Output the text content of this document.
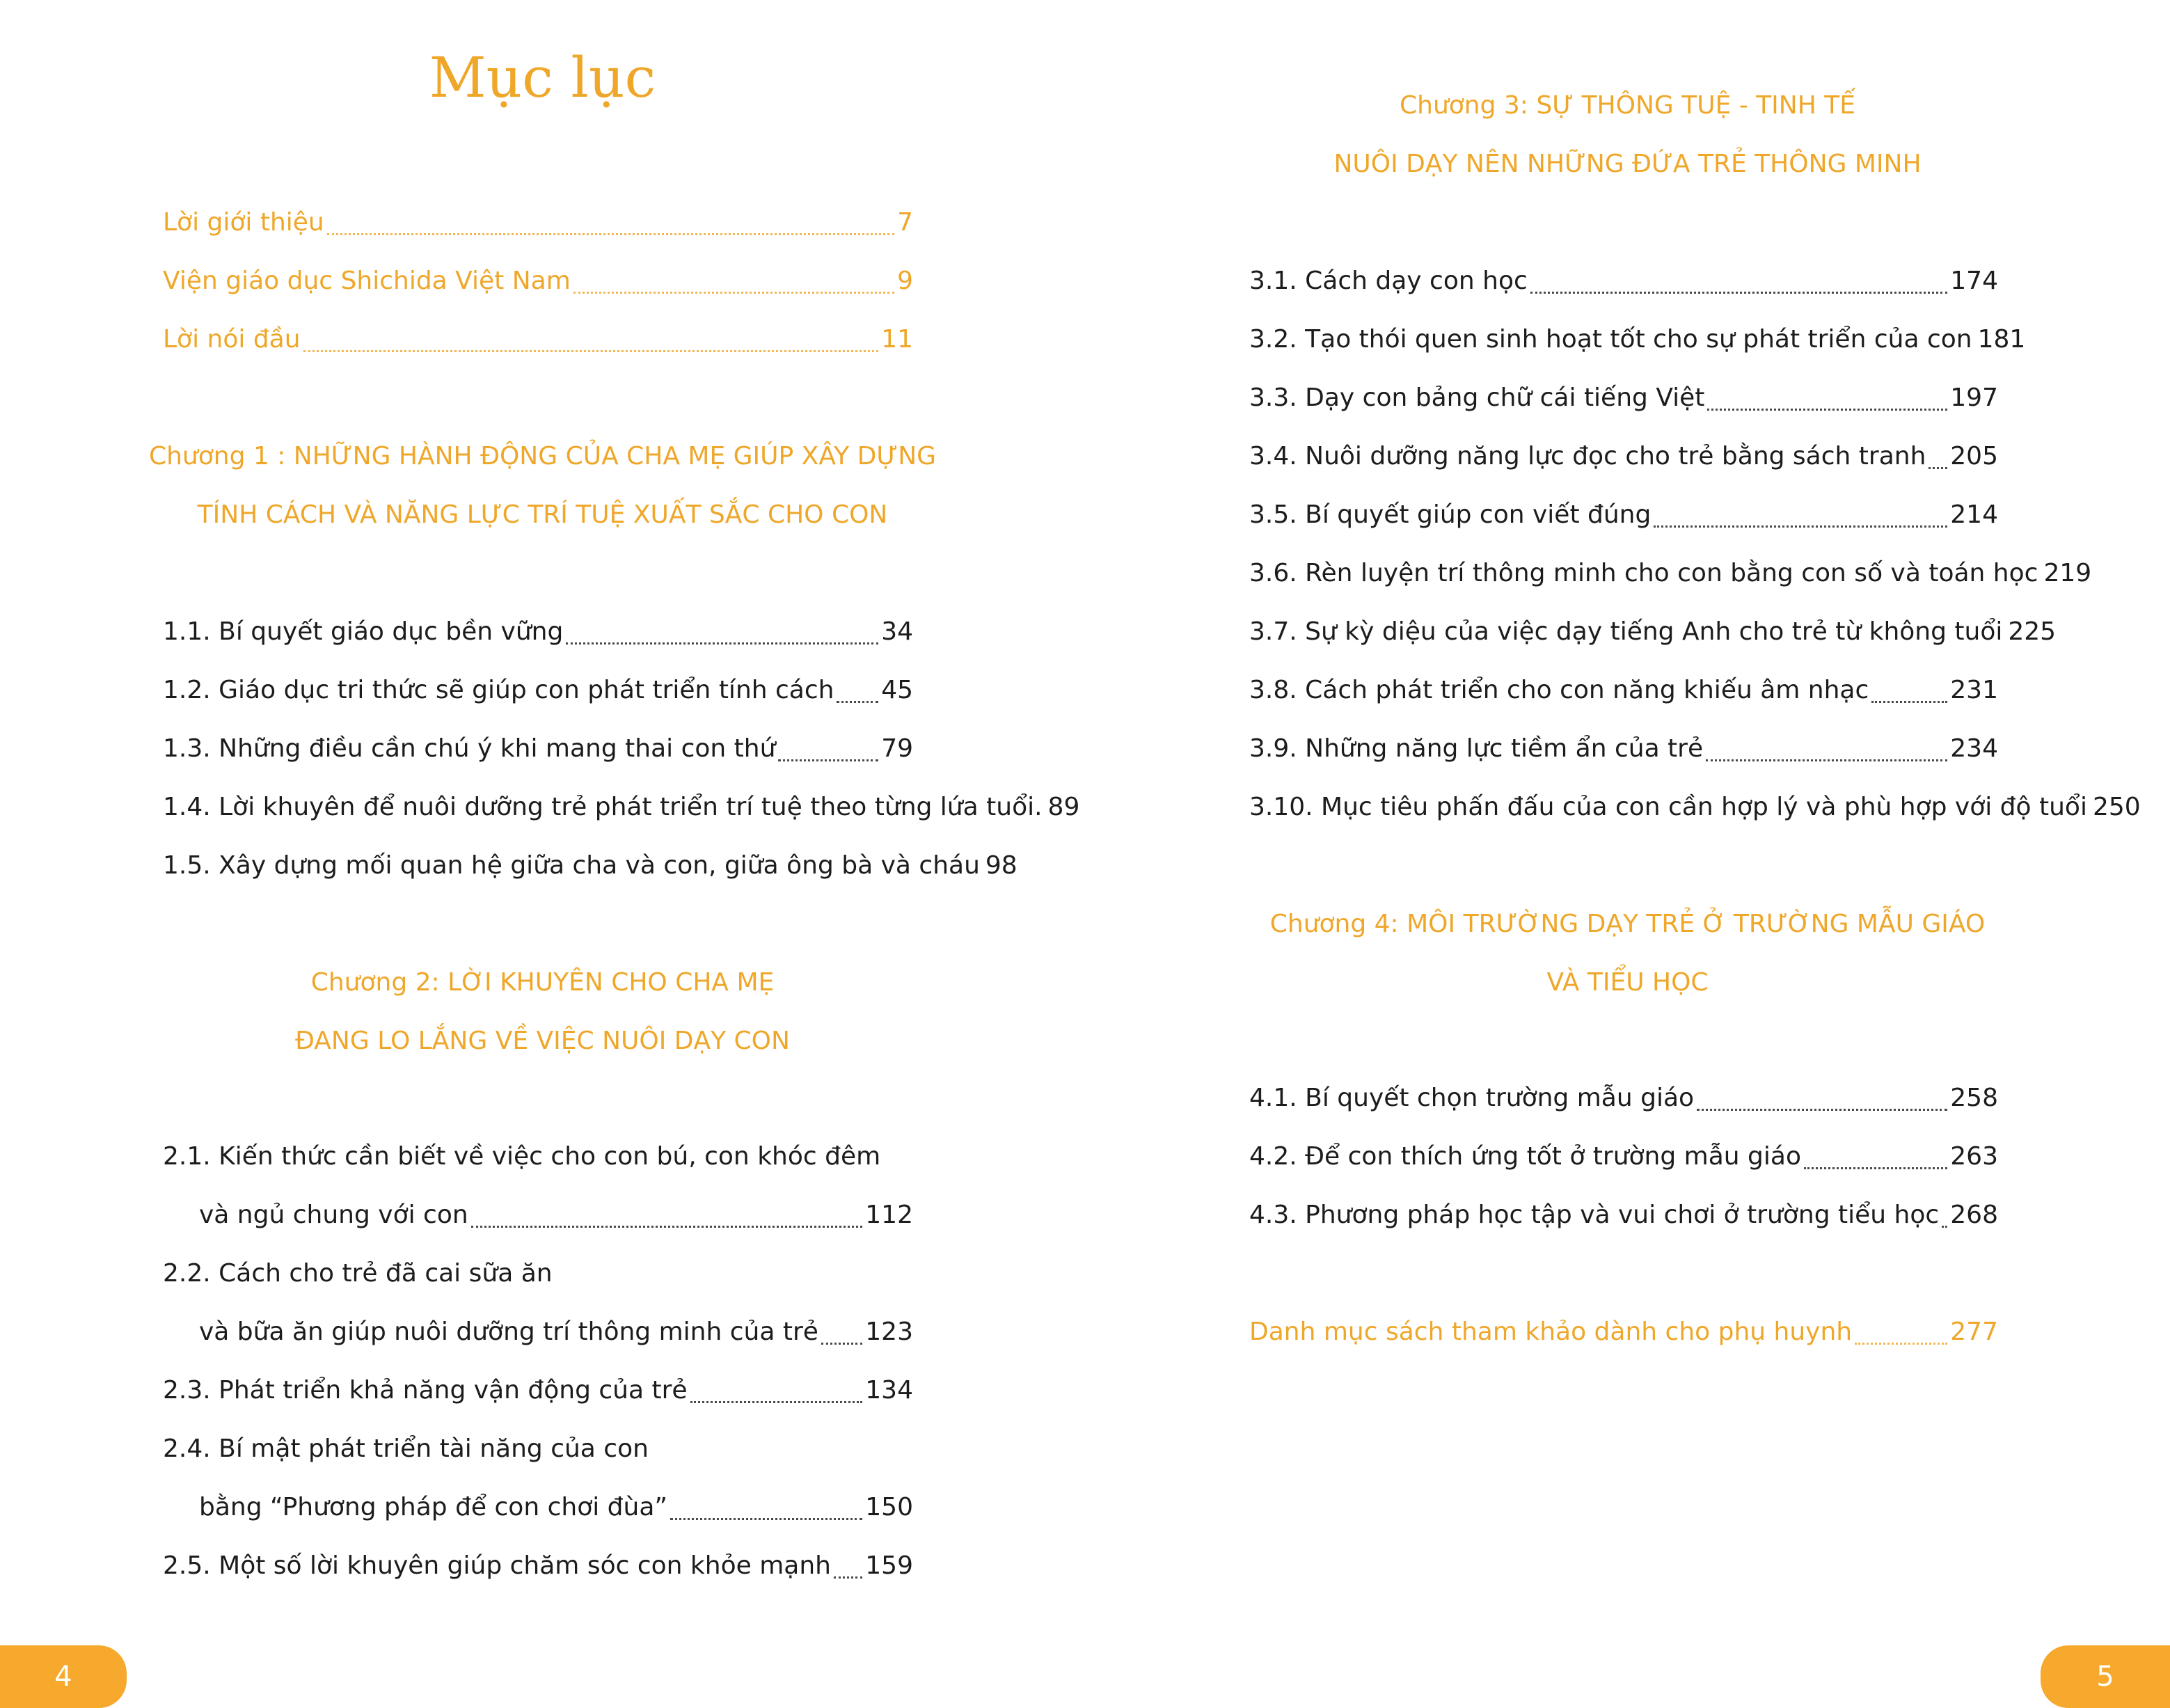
Mục lục
Lời giới thiệu	7
Viện giáo dục Shichida Việt Nam	9
Lời nói đầu	11

Chương 1 : NHỮNG HÀNH ĐỘNG CỦA CHA MẸ GIÚP XÂY DỰNG

TÍNH CÁCH VÀ NĂNG LỰC TRÍ TUỆ XUẤT SẮC CHO CON

1.1. Bí quyết giáo dục bền vững	34
1.2. Giáo dục tri thức sẽ giúp con phát triển tính cách 45
1.3. Những điều cần chú ý khi mang thai con thứ	79
1.4. Lời khuyên để nuôi dưỡng trẻ phát triển trí tuệ theo từng lứa tuổi. 89
1.5. Xây dựng mối quan hệ giữa cha và con, giữa ông bà và cháu 98

Chương 2: LỜI KHUYÊN CHO CHA MẸ

ĐANG LO LẮNG VỀ VIỆC NUÔI DẠY CON

2.1. Kiến thức cần biết về việc cho con bú, con khóc đêm
và ngủ chung với con	112
2.2. Cách cho trẻ đã cai sữa ăn
và bữa ăn giúp nuôi dưỡng trí thông minh của trẻ 123
2.3. Phát triển khả năng vận động của trẻ	134
2.4. Bí mật phát triển tài năng của con
bằng “Phương pháp để con chơi đùa”	150
2.5. Một số lời khuyên giúp chăm sóc con khỏe mạnh 159
4

Chương 3: SỰ THÔNG TUỆ - TINH TẾ

NUÔI DẠY NÊN NHỮNG ĐỨA TRẺ THÔNG MINH

3.1. Cách dạy con học	174
3.2. Tạo thói quen sinh hoạt tốt cho sự phát triển của con 181
3.3. Dạy con bảng chữ cái tiếng Việt	197
3.4. Nuôi dưỡng năng lực đọc cho trẻ bằng sách tranh 205
3.5. Bí quyết giúp con viết đúng	214
3.6. Rèn luyện trí thông minh cho con bằng con số và toán học 219
3.7. Sự kỳ diệu của việc dạy tiếng Anh cho trẻ từ không tuổi 225
3.8. Cách phát triển cho con năng khiếu âm nhạc	231
3.9. Những năng lực tiềm ẩn của trẻ	234
3.10. Mục tiêu phấn đấu của con cần hợp lý và phù hợp với độ tuổi 250

Chương 4: MÔI TRƯỜNG DẠY TRẺ Ở TRƯỜNG MẪU GIÁO

VÀ TIỂU HỌC

4.1. Bí quyết chọn trường mẫu giáo	258
4.2. Để con thích ứng tốt ở trường mẫu giáo	263
4.3. Phương pháp học tập và vui chơi ở trường tiểu học 268
Danh mục sách tham khảo dành cho phụ huynh	277
5
